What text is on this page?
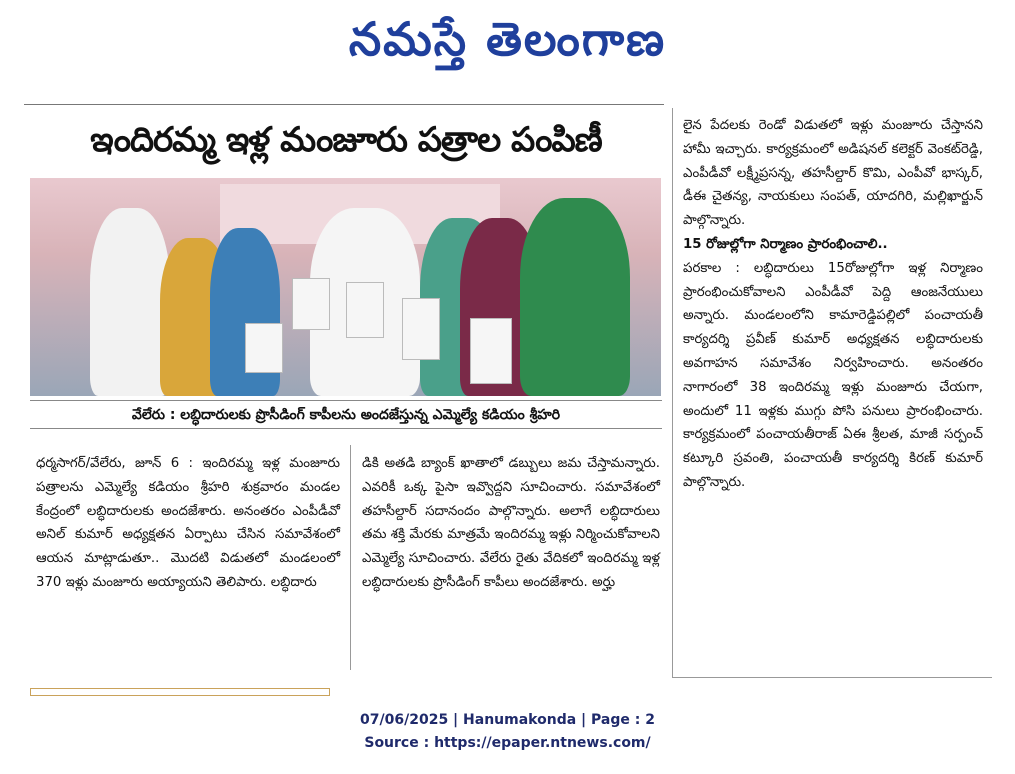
నమస్తే తెలంగాణ
ఇందిరమ్మ ఇళ్ల మంజూరు పత్రాల పంపిణీ
వేలేరు : లబ్ధిదారులకు ప్రొసీడింగ్ కాపీలను అందజేస్తున్న ఎమ్మెల్యే కడియం శ్రీహరి

ధర్మసాగర్/వేలేరు, జూన్ 6 : ఇందిరమ్మ ఇళ్ల మంజూరు పత్రాలను ఎమ్మెల్యే కడియం శ్రీహరి శుక్రవారం మండల కేంద్రంలో లబ్ధిదారులకు అందజేశారు. అనంతరం ఎంపీడీవో అనిల్ కుమార్ అధ్యక్షతన ఏర్పాటు చేసిన సమావేశంలో ఆయన మాట్లాడుతూ.. మొదటి విడుతలో మండలంలో 370 ఇళ్లు మంజూరు అయ్యాయని తెలిపారు. లబ్ధిదారు

డికి అతడి బ్యాంక్ ఖాతాలో డబ్బులు జమ చేస్తామన్నారు. ఎవరికీ ఒక్క పైసా ఇవ్వొద్దని సూచించారు. సమావేశంలో తహసీల్దార్ సదానందం పాల్గొన్నారు. అలాగే లబ్ధిదారులు తమ శక్తి మేరకు మాత్రమే ఇందిరమ్మ ఇళ్లు నిర్మించుకోవాలని ఎమ్మెల్యే సూచించారు. వేలేరు రైతు వేదికలో ఇందిరమ్మ ఇళ్ల లబ్ధిదారులకు ప్రొసీడింగ్ కాపీలు అందజేశారు. అర్హు

లైన పేదలకు రెండో విడుతలో ఇళ్లు మంజూరు చేస్తానని హామీ ఇచ్చారు. కార్యక్రమంలో అడిషనల్ కలెక్టర్ వెంకట్‌రెడ్డి, ఎంపీడీవో లక్ష్మీప్రసన్న, తహసీల్దార్ కొమి, ఎంపీవో భాస్కర్, డీఈ చైతన్య, నాయకులు సంపత్, యాదగిరి, మల్లిఖార్జున్ పాల్గొన్నారు.

15 రోజుల్లోగా నిర్మాణం ప్రారంభించాలి..

పరకాల : లబ్ధిదారులు 15రోజుల్లోగా ఇళ్ల నిర్మాణం ప్రారంభించుకోవాలని ఎంపీడీవో పెద్ది ఆంజనేయులు అన్నారు. మండలంలోని కామారెడ్డిపల్లిలో పంచాయతీ కార్యదర్శి ప్రవీణ్ కుమార్ అధ్యక్షతన లబ్ధిదారులకు అవగాహన సమావేశం నిర్వహించారు. అనంతరం నాగారంలో 38 ఇందిరమ్మ ఇళ్లు మంజూరు చేయగా, అందులో 11 ఇళ్లకు ముగ్గు పోసి పనులు ప్రారంభించారు. కార్యక్రమంలో పంచాయతీరాజ్ ఏఈ శ్రీలత, మాజీ సర్పంచ్ కట్కూరి స్రవంతి, పంచాయతీ కార్యదర్శి కిరణ్ కుమార్ పాల్గొన్నారు.

07/06/2025 | Hanumakonda | Page : 2
Source : https://epaper.ntnews.com/
